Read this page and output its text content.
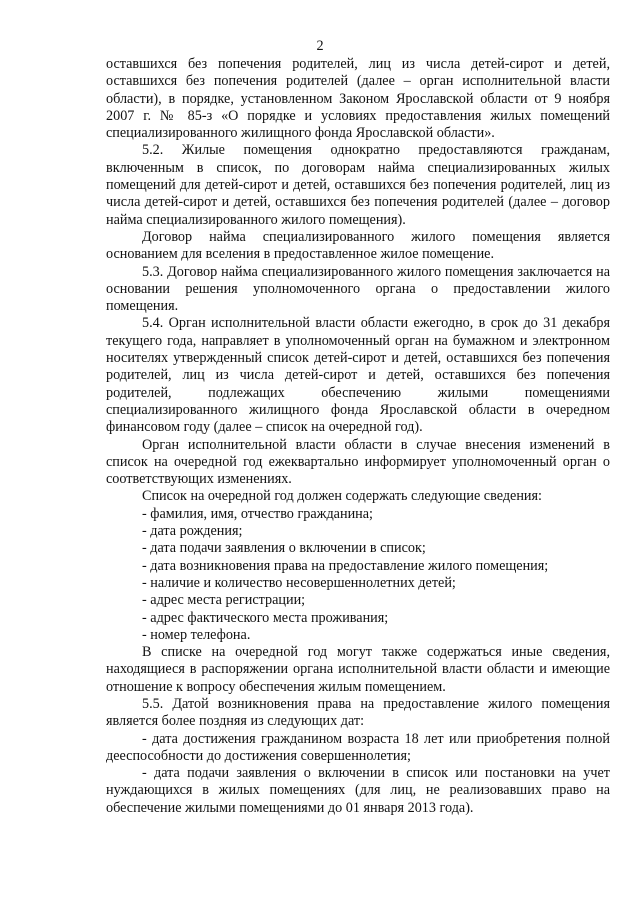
2

оставшихся без попечения родителей, лиц из числа детей-сирот и детей, оставшихся без попечения родителей (далее – орган исполнительной власти области), в порядке, установленном Законом Ярославской области от 9 ноября 2007 г. № 85-з «О порядке и условиях предоставления жилых помещений специализированного жилищного фонда Ярославской области».

5.2. Жилые помещения однократно предоставляются гражданам, включенным в список, по договорам найма специализированных жилых помещений для детей-сирот и детей, оставшихся без попечения родителей, лиц из числа детей-сирот и детей, оставшихся без попечения родителей (далее – договор найма специализированного жилого помещения).

Договор найма специализированного жилого помещения является основанием для вселения в предоставленное жилое помещение.

5.3. Договор найма специализированного жилого помещения заключается на основании решения уполномоченного органа о предоставлении жилого помещения.

5.4. Орган исполнительной власти области ежегодно, в срок до 31 декабря текущего года, направляет в уполномоченный орган на бумажном и электронном носителях утвержденный список детей-сирот и детей, оставшихся без попечения родителей, лиц из числа детей-сирот и детей, оставшихся без попечения родителей, подлежащих обеспечению жилыми помещениями специализированного жилищного фонда Ярославской области в очередном финансовом году (далее – список на очередной год).

Орган исполнительной власти области в случае внесения изменений в список на очередной год ежеквартально информирует уполномоченный орган о соответствующих изменениях.

Список на очередной год должен содержать следующие сведения:

- фамилия, имя, отчество гражданина;

- дата рождения;

- дата подачи заявления о включении в список;

- дата возникновения права на предоставление жилого помещения;

- наличие и количество несовершеннолетних детей;

- адрес места регистрации;

- адрес фактического места проживания;

- номер телефона.

В списке на очередной год могут также содержаться иные сведения, находящиеся в распоряжении органа исполнительной власти области и имеющие отношение к вопросу обеспечения жилым помещением.

5.5. Датой возникновения права на предоставление жилого помещения является более поздняя из следующих дат:

- дата достижения гражданином возраста 18 лет или приобретения полной дееспособности до достижения совершеннолетия;

- дата подачи заявления о включении в список или постановки на учет нуждающихся в жилых помещениях (для лиц, не реализовавших право на обеспечение жилыми помещениями до 01 января 2013 года).
